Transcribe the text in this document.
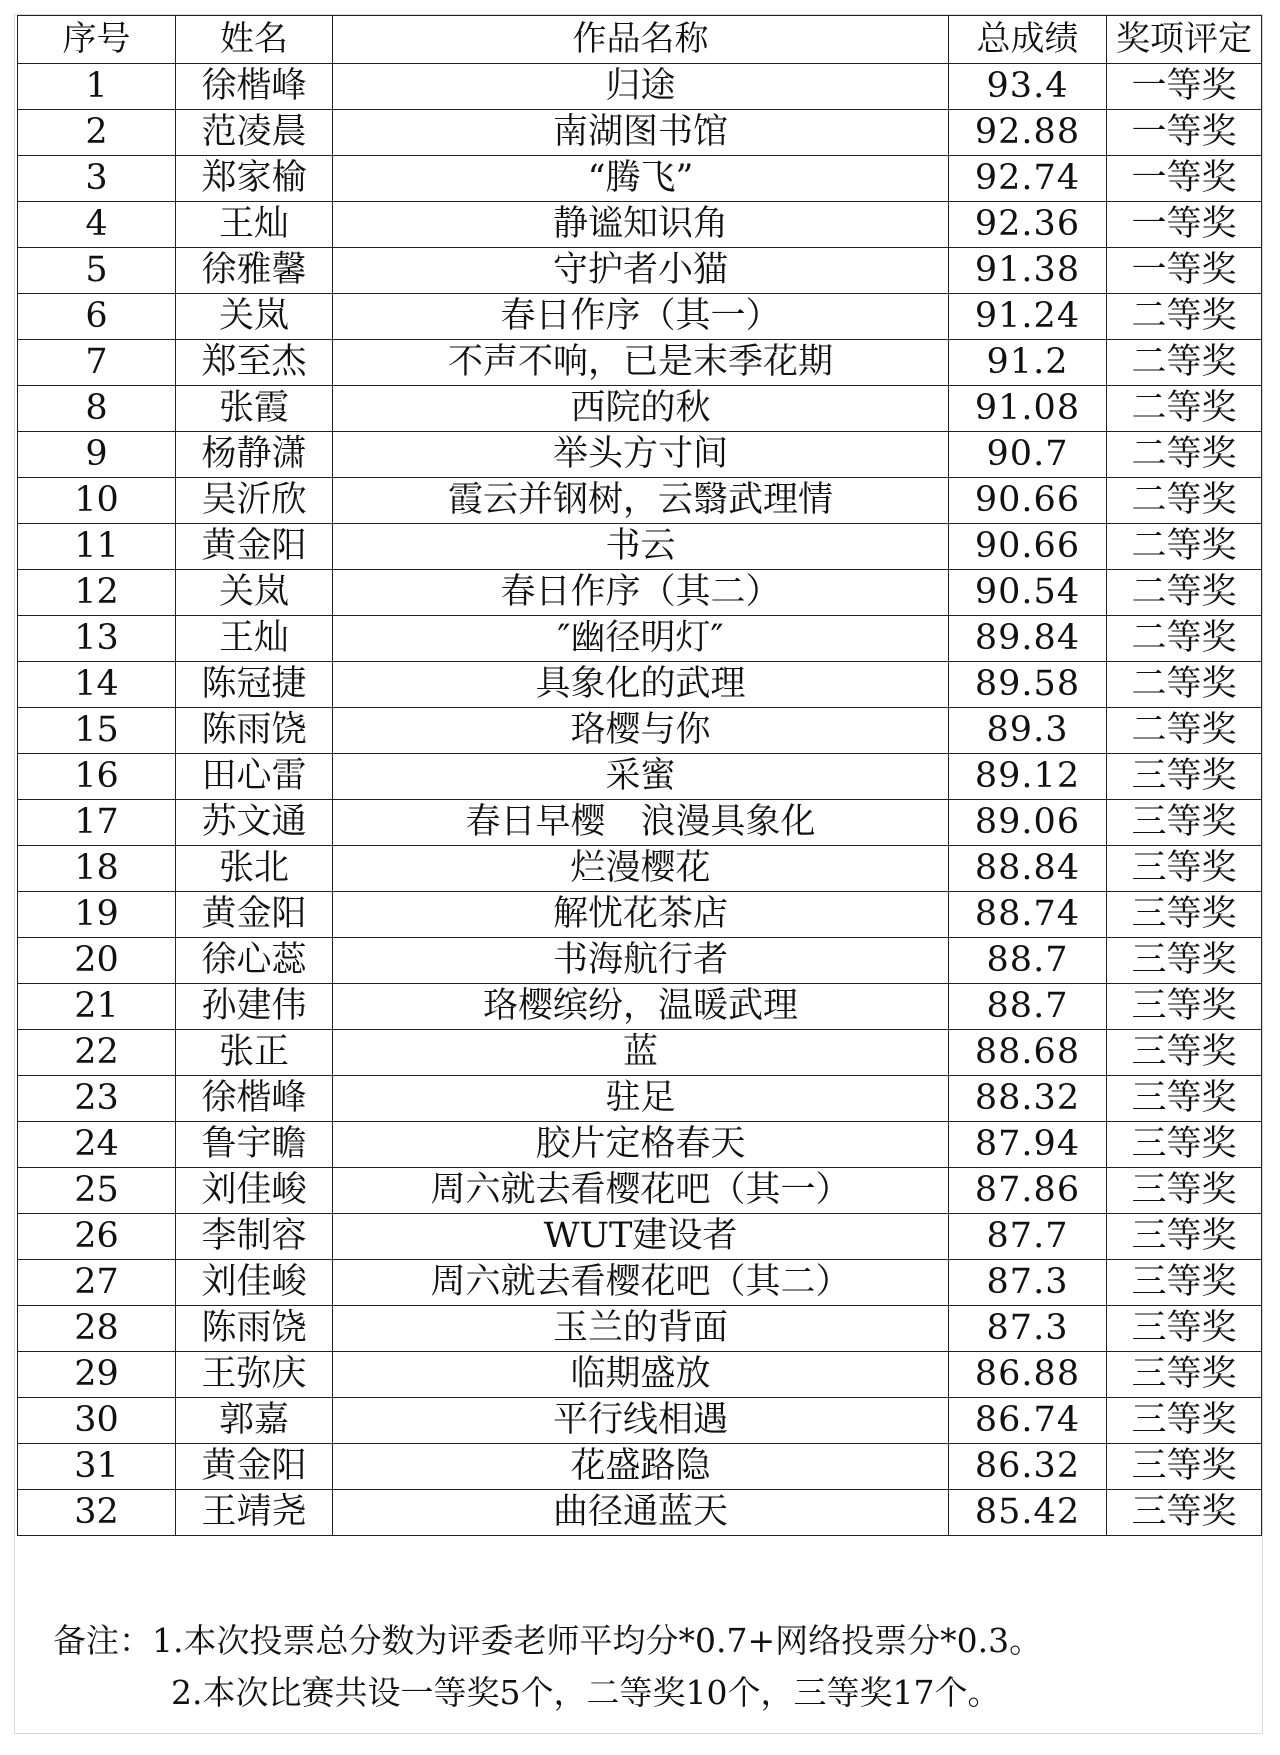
序号	姓名	作品名称	总成绩	奖项评定
1	徐楷峰	归途	93.4	一等奖
2	范凌晨	南湖图书馆	92.88	一等奖
3	郑家榆	“腾飞”	92.74	一等奖
4	王灿	静谧知识角	92.36	一等奖
5	徐雅馨	守护者小猫	91.38	一等奖
6	关岚	春日作序（其一）	91.24	二等奖
7	郑至杰	不声不响，已是末季花期	91.2	二等奖
8	张霞	西院的秋	91.08	二等奖
9	杨静潇	举头方寸间	90.7	二等奖
10	吴沂欣	霞云并钢树，云翳武理情	90.66	二等奖
11	黄金阳	书云	90.66	二等奖
12	关岚	春日作序（其二）	90.54	二等奖
13	王灿	″幽径明灯″	89.84	二等奖
14	陈冠捷	具象化的武理	89.58	二等奖
15	陈雨饶	珞樱与你	89.3	二等奖
16	田心雷	采蜜	89.12	三等奖
17	苏文通	春日早樱　浪漫具象化	89.06	三等奖
18	张北	烂漫樱花	88.84	三等奖
19	黄金阳	解忧花茶店	88.74	三等奖
20	徐心蕊	书海航行者	88.7	三等奖
21	孙建伟	珞樱缤纷，温暖武理	88.7	三等奖
22	张正	蓝	88.68	三等奖
23	徐楷峰	驻足	88.32	三等奖
24	鲁宇瞻	胶片定格春天	87.94	三等奖
25	刘佳峻	周六就去看樱花吧（其一）	87.86	三等奖
26	李制容	WUT建设者	87.7	三等奖
27	刘佳峻	周六就去看樱花吧（其二）	87.3	三等奖
28	陈雨饶	玉兰的背面	87.3	三等奖
29	王弥庆	临期盛放	86.88	三等奖
30	郭嘉	平行线相遇	86.74	三等奖
31	黄金阳	花盛路隐	86.32	三等奖
32	王靖尧	曲径通蓝天	85.42	三等奖
备注：1.本次投票总分数为评委老师平均分*0.7+网络投票分*0.3。
2.本次比赛共设一等奖5个，二等奖10个，三等奖17个。
